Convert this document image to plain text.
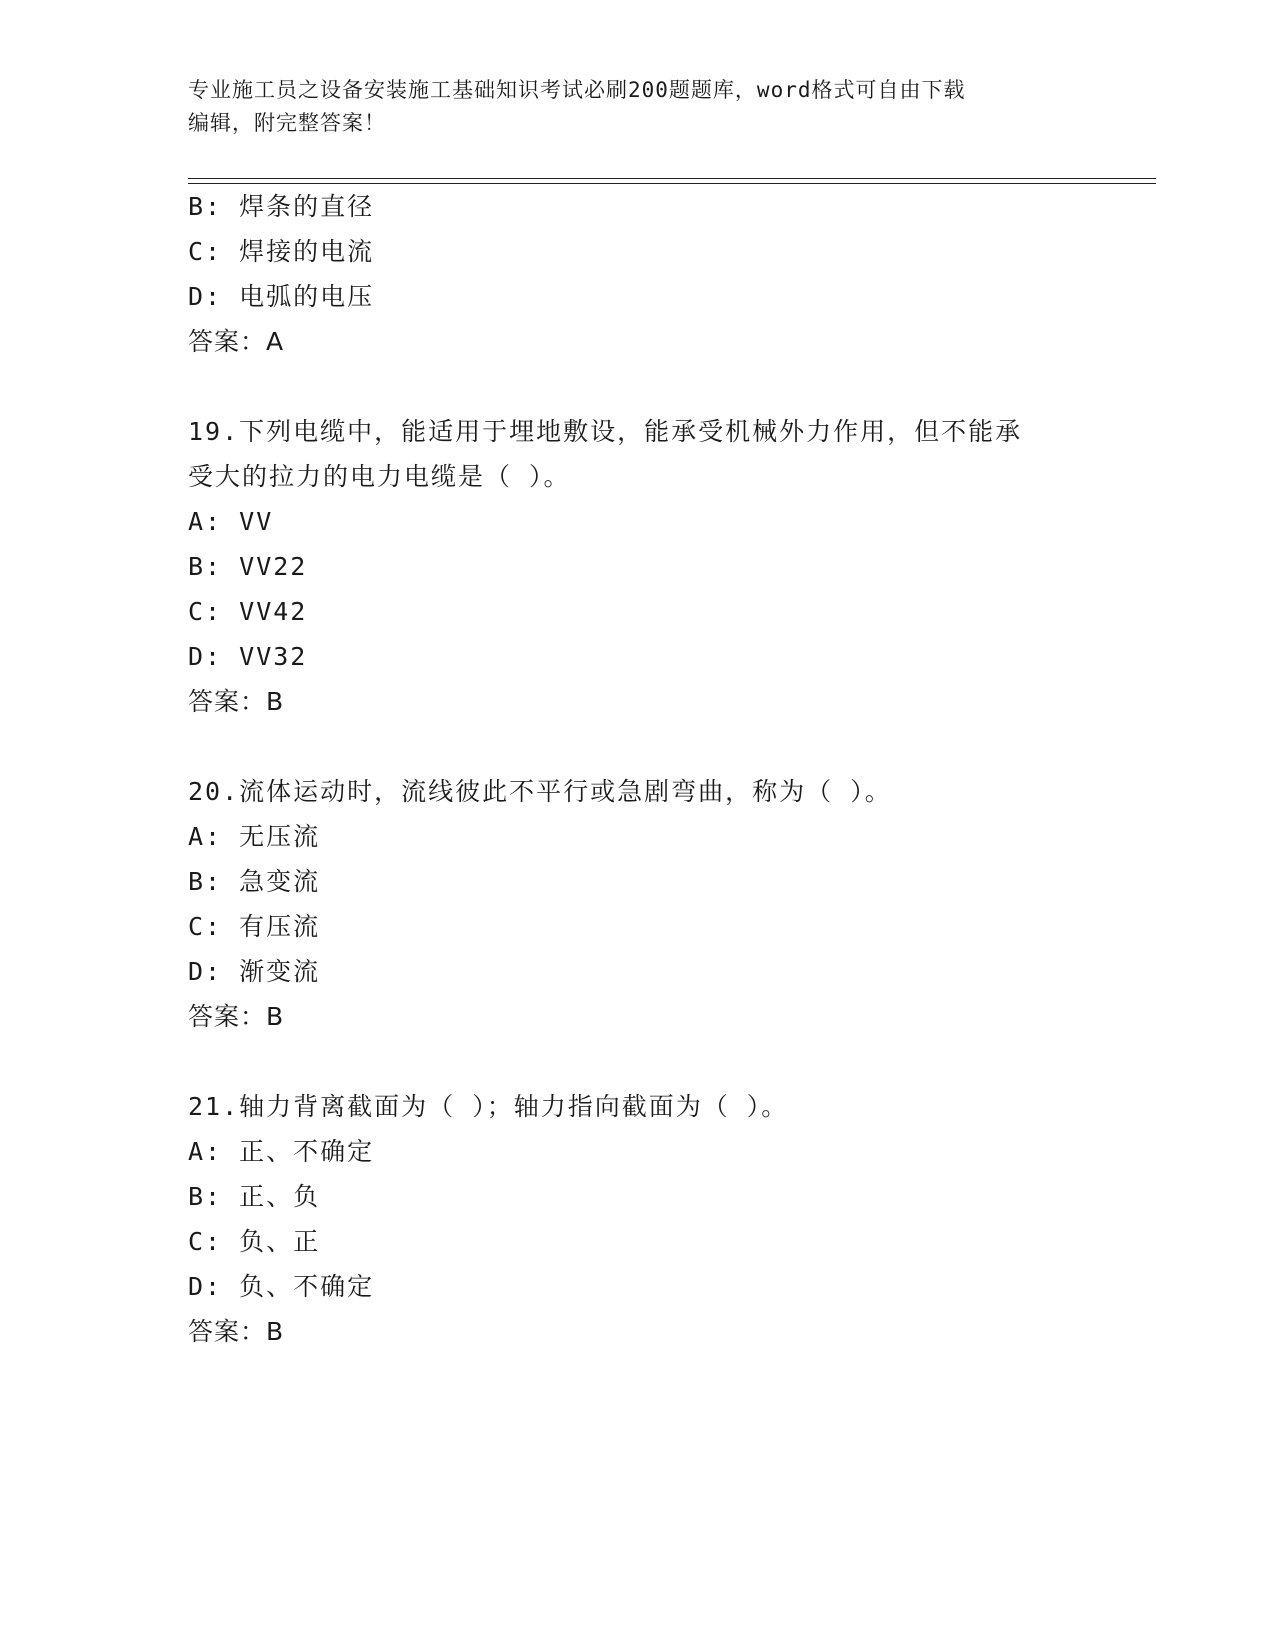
专业施工员之设备安装施工基础知识考试必刷200题题库，word格式可自由下载
编辑，附完整答案！
B: 焊条的直径
C: 焊接的电流
D: 电弧的电压
答案：A
19.下列电缆中，能适用于埋地敷设，能承受机械外力作用，但不能承
受大的拉力的电力电缆是（ ）。
A: VV
B: VV22
C: VV42
D: VV32
答案：B
20.流体运动时，流线彼此不平行或急剧弯曲，称为（ ）。
A: 无压流
B: 急变流
C: 有压流
D: 渐变流
答案：B
21.轴力背离截面为（ ）；轴力指向截面为（ ）。
A: 正、不确定
B: 正、负
C: 负、正
D: 负、不确定
答案：B
